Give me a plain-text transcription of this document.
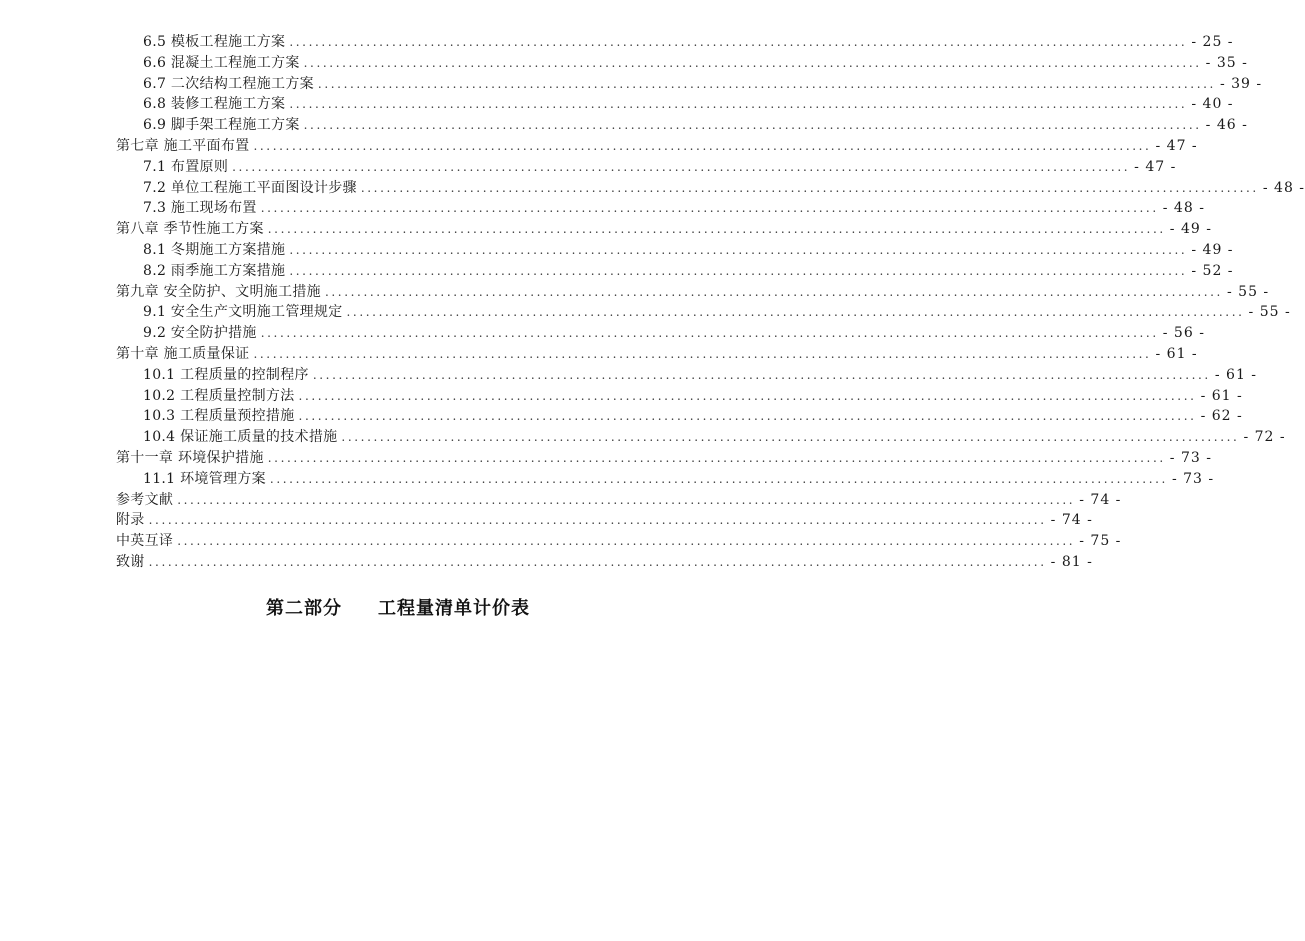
6.5 模板工程施工方案 ............................................................................................................................................ - 25 -
6.6 混凝土工程施工方案 ............................................................................................................................................ - 35 -
6.7 二次结构工程施工方案 ............................................................................................................................................ - 39 -
6.8 装修工程施工方案 ............................................................................................................................................ - 40 -
6.9 脚手架工程施工方案 ............................................................................................................................................ - 46 -
第七章 施工平面布置 ............................................................................................................................................ - 47 -
7.1 布置原则 ............................................................................................................................................ - 47 -
7.2 单位工程施工平面图设计步骤 ............................................................................................................................................ - 48 -
7.3 施工现场布置 ............................................................................................................................................ - 48 -
第八章 季节性施工方案 ............................................................................................................................................ - 49 -
8.1 冬期施工方案措施 ............................................................................................................................................ - 49 -
8.2 雨季施工方案措施 ............................................................................................................................................ - 52 -
第九章 安全防护、文明施工措施 ............................................................................................................................................ - 55 -
9.1 安全生产文明施工管理规定 ............................................................................................................................................ - 55 -
9.2 安全防护措施 ............................................................................................................................................ - 56 -
第十章 施工质量保证 ............................................................................................................................................ - 61 -
10.1 工程质量的控制程序 ............................................................................................................................................ - 61 -
10.2 工程质量控制方法 ............................................................................................................................................ - 61 -
10.3 工程质量预控措施 ............................................................................................................................................ - 62 -
10.4 保证施工质量的技术措施 ............................................................................................................................................ - 72 -
第十一章 环境保护措施 ............................................................................................................................................ - 73 -
11.1 环境管理方案 ............................................................................................................................................ - 73 -
参考文献 ............................................................................................................................................ - 74 -
附录 ............................................................................................................................................ - 74 -
中英互译 ............................................................................................................................................ - 75 -
致谢 ............................................................................................................................................ - 81 -
第二部分 工程量清单计价表
